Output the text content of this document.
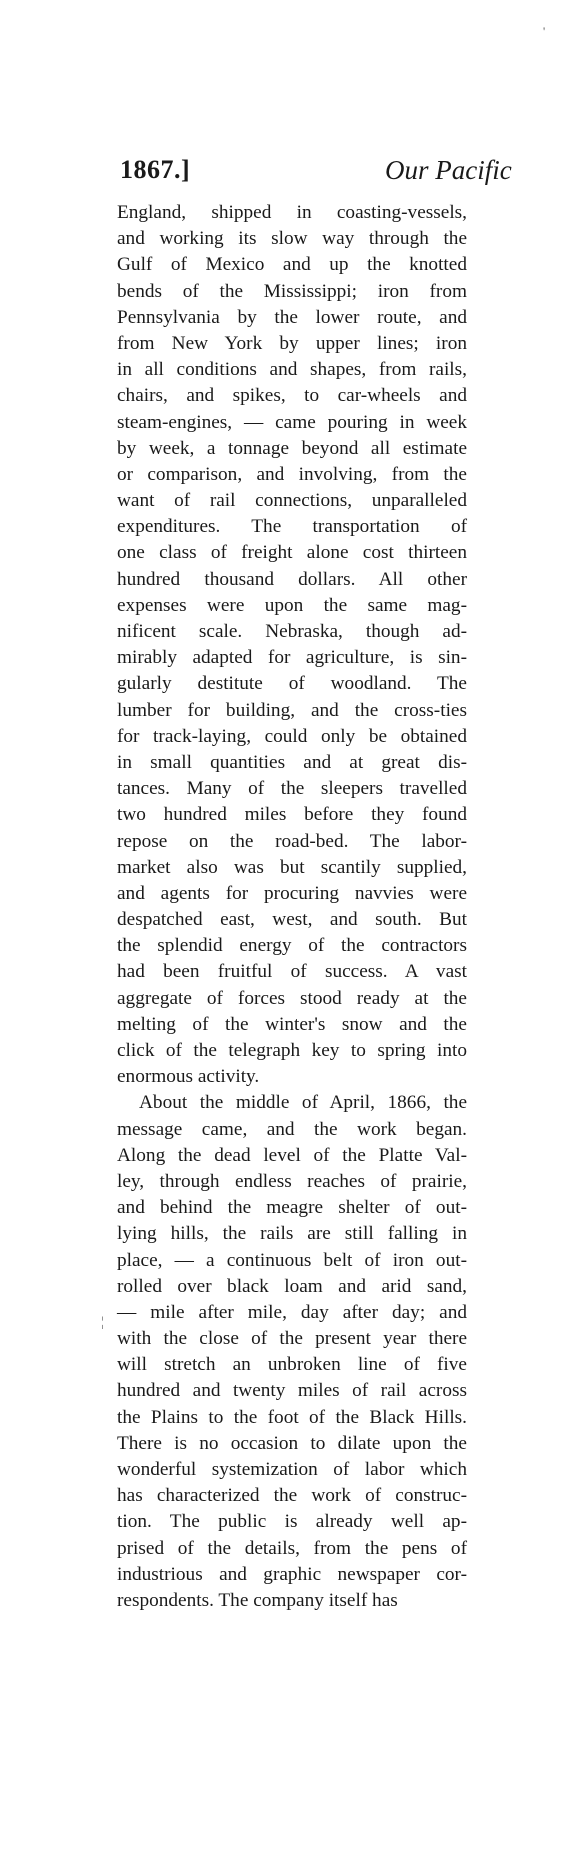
'
1867.]	Our Pacific
¦
England, shipped in coasting-vessels,
and working its slow way through the
Gulf of Mexico and up the knotted
bends of the Mississippi; iron from
Pennsylvania by the lower route, and
from New York by upper lines; iron
in all conditions and shapes, from rails,
chairs, and spikes, to car-wheels and
steam-engines, — came pouring in week
by week, a tonnage beyond all estimate
or comparison, and involving, from the
want of rail connections, unparalleled
expenditures. The transportation of
one class of freight alone cost thirteen
hundred thousand dollars. All other
expenses were upon the same mag-
nificent scale. Nebraska, though ad-
mirably adapted for agriculture, is sin-
gularly destitute of woodland. The
lumber for building, and the cross-ties
for track-laying, could only be obtained
in small quantities and at great dis-
tances. Many of the sleepers travelled
two hundred miles before they found
repose on the road-bed. The labor-
market also was but scantily supplied,
and agents for procuring navvies were
despatched east, west, and south. But
the splendid energy of the contractors
had been fruitful of success. A vast
aggregate of forces stood ready at the
melting of the winter's snow and the
click of the telegraph key to spring into
enormous activity.
About the middle of April, 1866, the
message came, and the work began.
Along the dead level of the Platte Val-
ley, through endless reaches of prairie,
and behind the meagre shelter of out-
lying hills, the rails are still falling in
place, — a continuous belt of iron out-
rolled over black loam and arid sand,
— mile after mile, day after day; and
with the close of the present year there
will stretch an unbroken line of five
hundred and twenty miles of rail across
the Plains to the foot of the Black Hills.
There is no occasion to dilate upon the
wonderful systemization of labor which
has characterized the work of construc-
tion. The public is already well ap-
prised of the details, from the pens of
industrious and graphic newspaper cor-
respondents. The company itself has
